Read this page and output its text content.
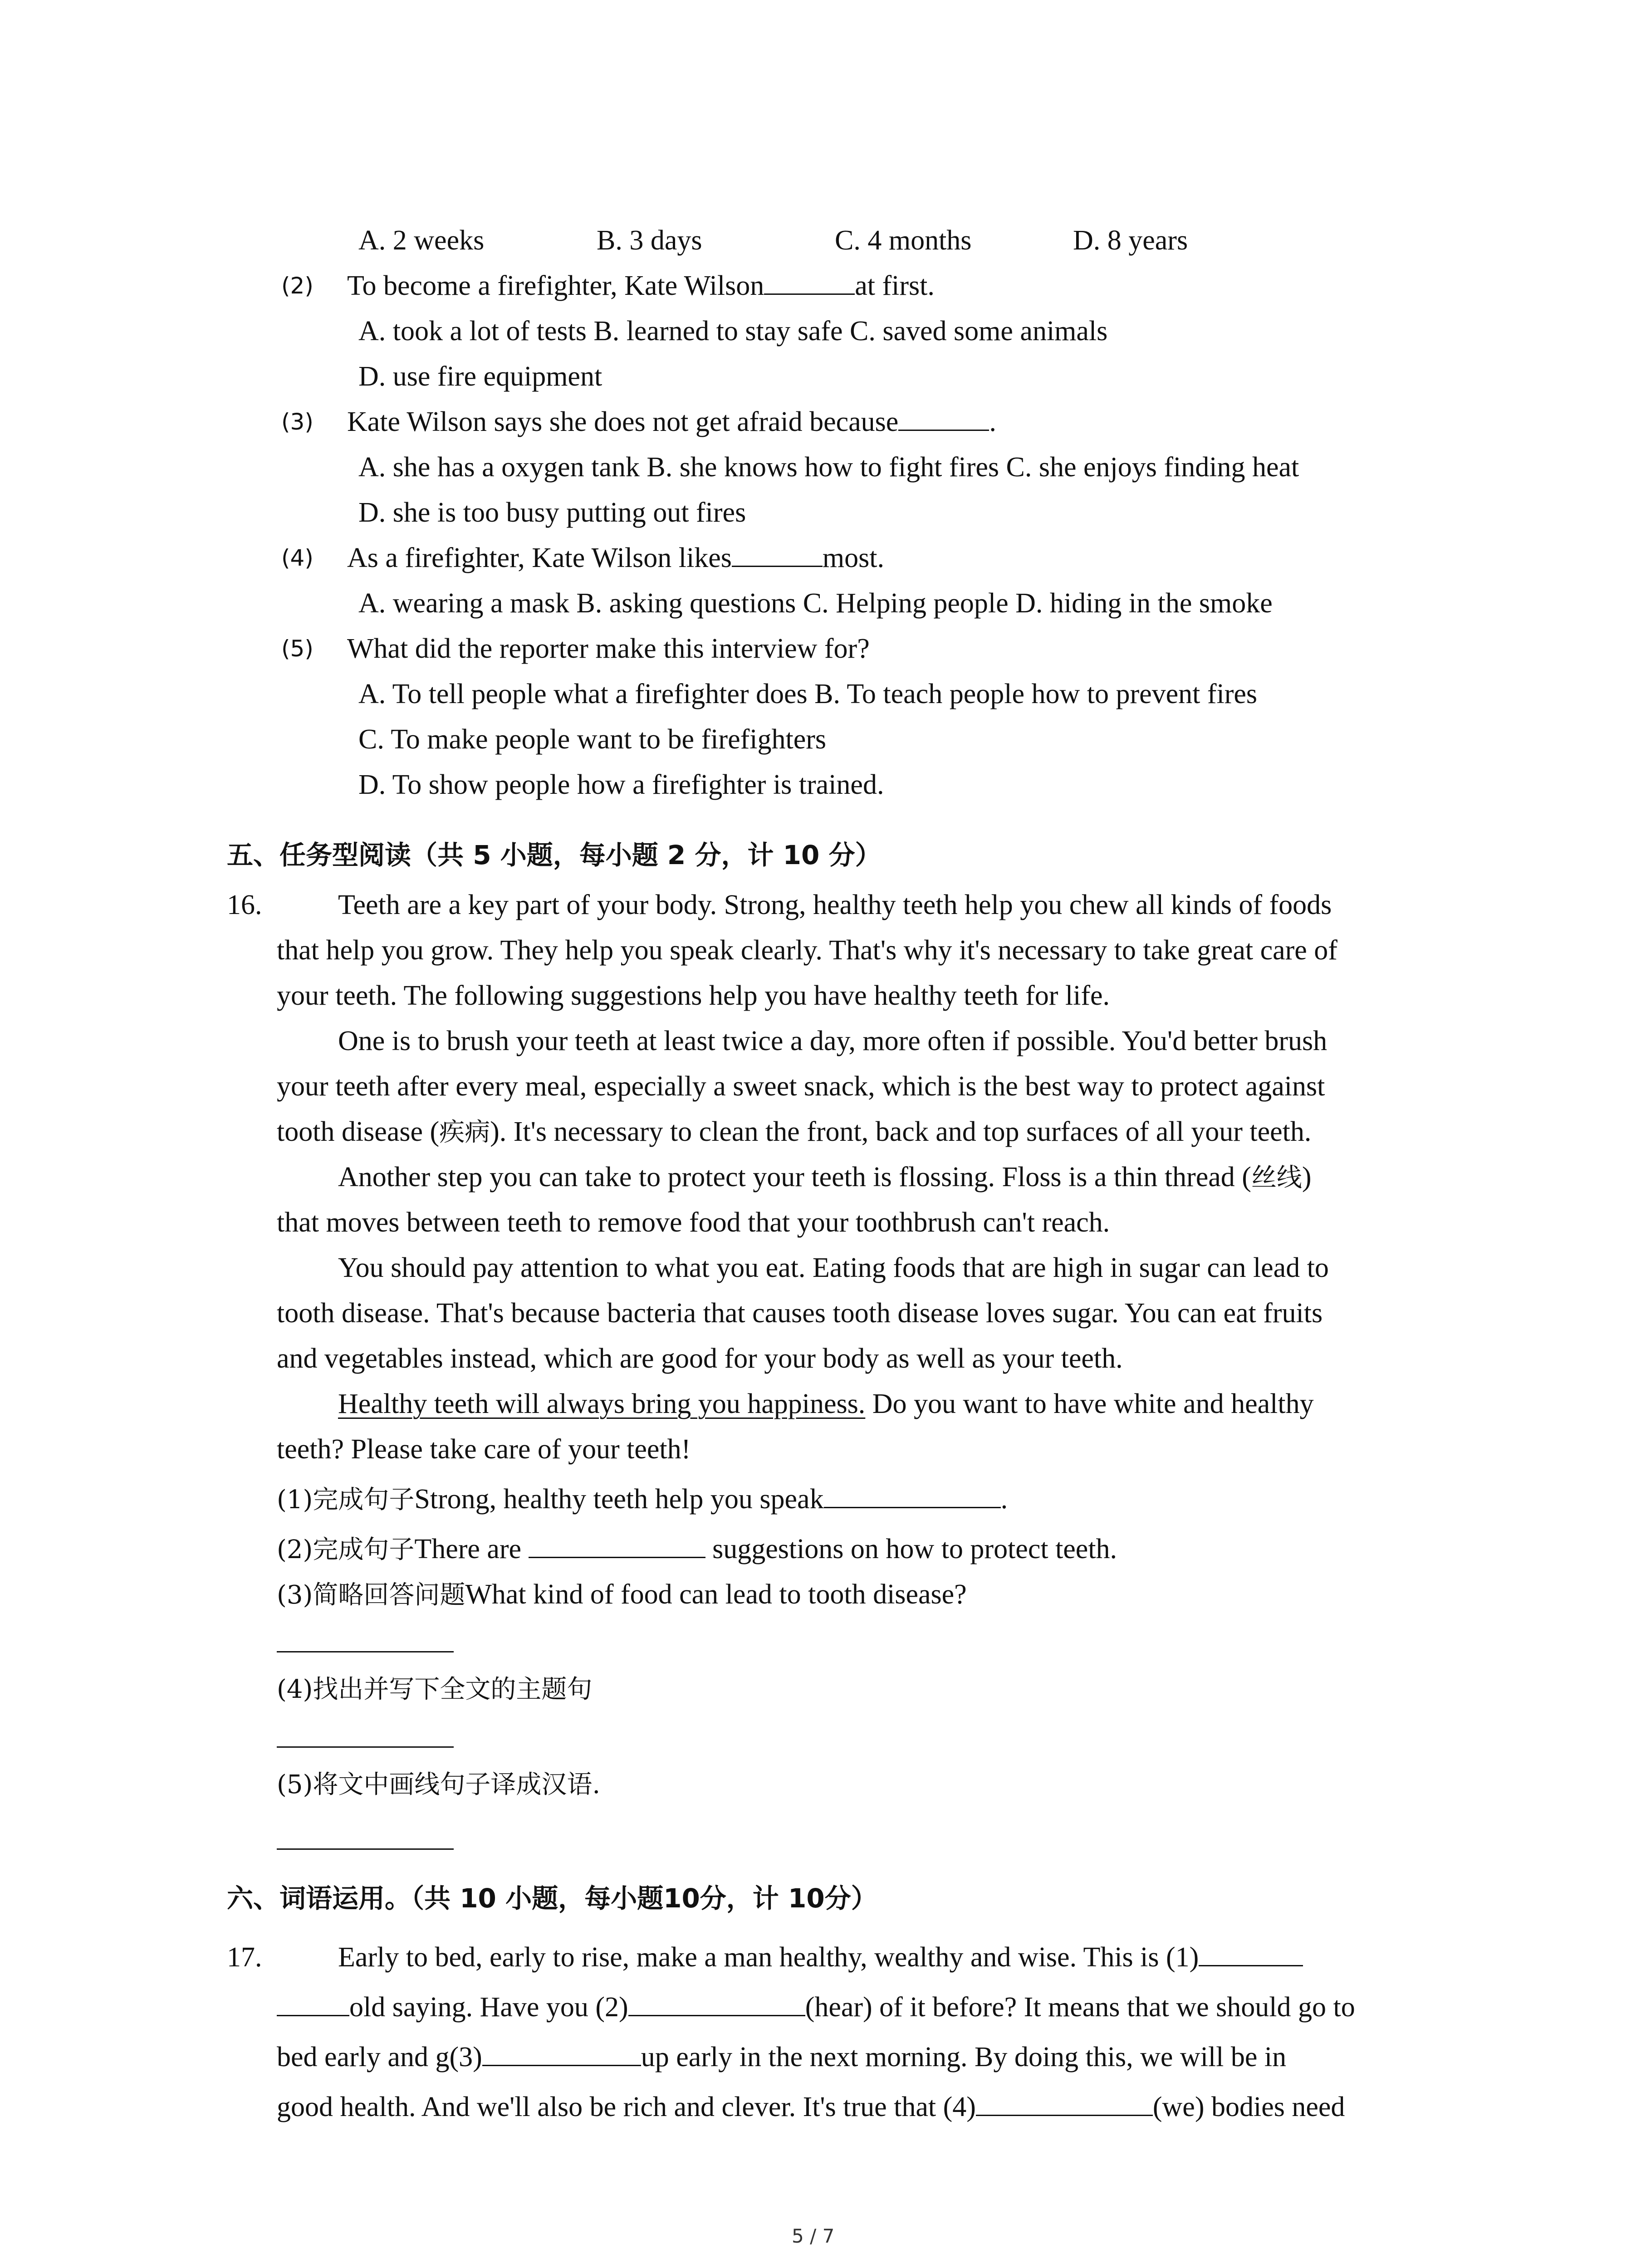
A. 2 weeks	B. 3 days	C. 4 months	D. 8 years
(2) To become a firefighter, Kate Wilson	at first.
A. took a lot of tests B. learned to stay safe C. saved some animals
D. use fire equipment
(3) Kate Wilson says she does not get afraid because	.
A. she has a oxygen tank B. she knows how to fight fires C. she enjoys finding heat
D. she is too busy putting out fires
(4) As a firefighter, Kate Wilson likes	most.
A. wearing a mask B. asking questions C. Helping people D. hiding in the smoke
(5) What did the reporter make this interview for?
A. To tell people what a firefighter does B. To teach people how to prevent fires
C. To make people want to be firefighters
D. To show people how a firefighter is trained.
五、任务型阅读（共 5 小题，每小题 2 分，计 10 分）
16.	Teeth are a key part of your body. Strong, healthy teeth help you chew all kinds of foods
that help you grow. They help you speak clearly. That's why it's necessary to take great care of
your teeth. The following suggestions help you have healthy teeth for life.
One is to brush your teeth at least twice a day, more often if possible. You'd better brush
your teeth after every meal, especially a sweet snack, which is the best way to protect against
tooth disease (疾病). It's necessary to clean the front, back and top surfaces of all your teeth.
Another step you can take to protect your teeth is flossing. Floss is a thin thread (丝线)
that moves between teeth to remove food that your toothbrush can't reach.
You should pay attention to what you eat. Eating foods that are high in sugar can lead to
tooth disease. That's because bacteria that causes tooth disease loves sugar. You can eat fruits
and vegetables instead, which are good for your body as well as your teeth.
Healthy teeth will always bring you happiness. Do you want to have white and healthy
teeth? Please take care of your teeth!
(1)完成句子Strong, healthy teeth help you speak	.
(2)完成句子There are	suggestions on how to protect teeth.
(3)简略回答问题What kind of food can lead to tooth disease?
(4)找出并写下全文的主题句
(5)将文中画线句子译成汉语.
六、词语运用。（共 10 小题，每小题10分，计 10分）
17.	Early to bed, early to rise, make a man healthy, wealthy and wise. This is (1)
old saying. Have you (2)	(hear) of it before? It means that we should go to
bed early and g(3)	up early in the next morning. By doing this, we will be in
good health. And we'll also be rich and clever. It's true that (4)	(we) bodies need
5 / 7
